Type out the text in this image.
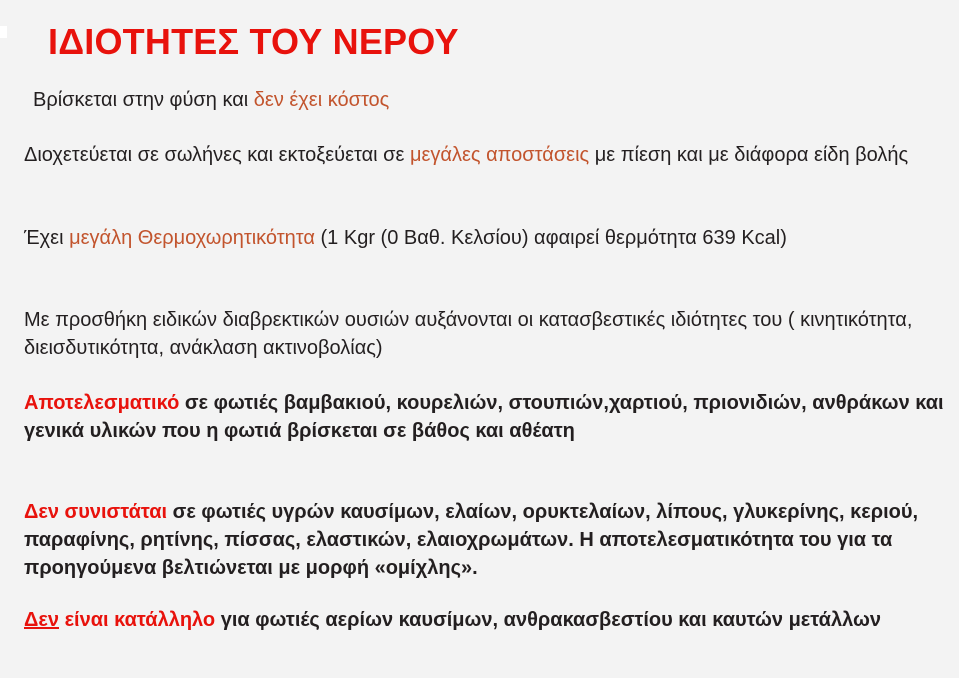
ΙΔΙΟΤΗΤΕΣ ΤΟΥ ΝΕΡΟΥ

Βρίσκεται στην φύση και δεν έχει κόστος

Διοχετεύεται σε σωλήνες και εκτοξεύεται σε μεγάλες αποστάσεις με πίεση και με διάφορα είδη βολής

Έχει μεγάλη Θερμοχωρητικότητα (1 Kgr (0 Βαθ. Κελσίου) αφαιρεί θερμότητα 639 Kcal)

Με προσθήκη ειδικών διαβρεκτικών ουσιών αυξάνονται οι κατασβεστικές ιδιότητες του ( κινητικότητα, διεισδυτικότητα, ανάκλαση ακτινοβολίας)

Αποτελεσματικό σε φωτιές βαμβακιού, κουρελιών, στουπιών,χαρτιού, πριονιδιών, ανθράκων και γενικά υλικών που η φωτιά βρίσκεται σε βάθος και αθέατη

Δεν συνιστάται σε φωτιές υγρών καυσίμων, ελαίων, ορυκτελαίων, λίπους, γλυκερίνης, κεριού, παραφίνης, ρητίνης, πίσσας, ελαστικών, ελαιοχρωμάτων. Η αποτελεσματικότητα του για τα προηγούμενα βελτιώνεται με μορφή «ομίχλης».

Δεν είναι κατάλληλο για φωτιές αερίων καυσίμων, ανθρακασβεστίου και καυτών μετάλλων
